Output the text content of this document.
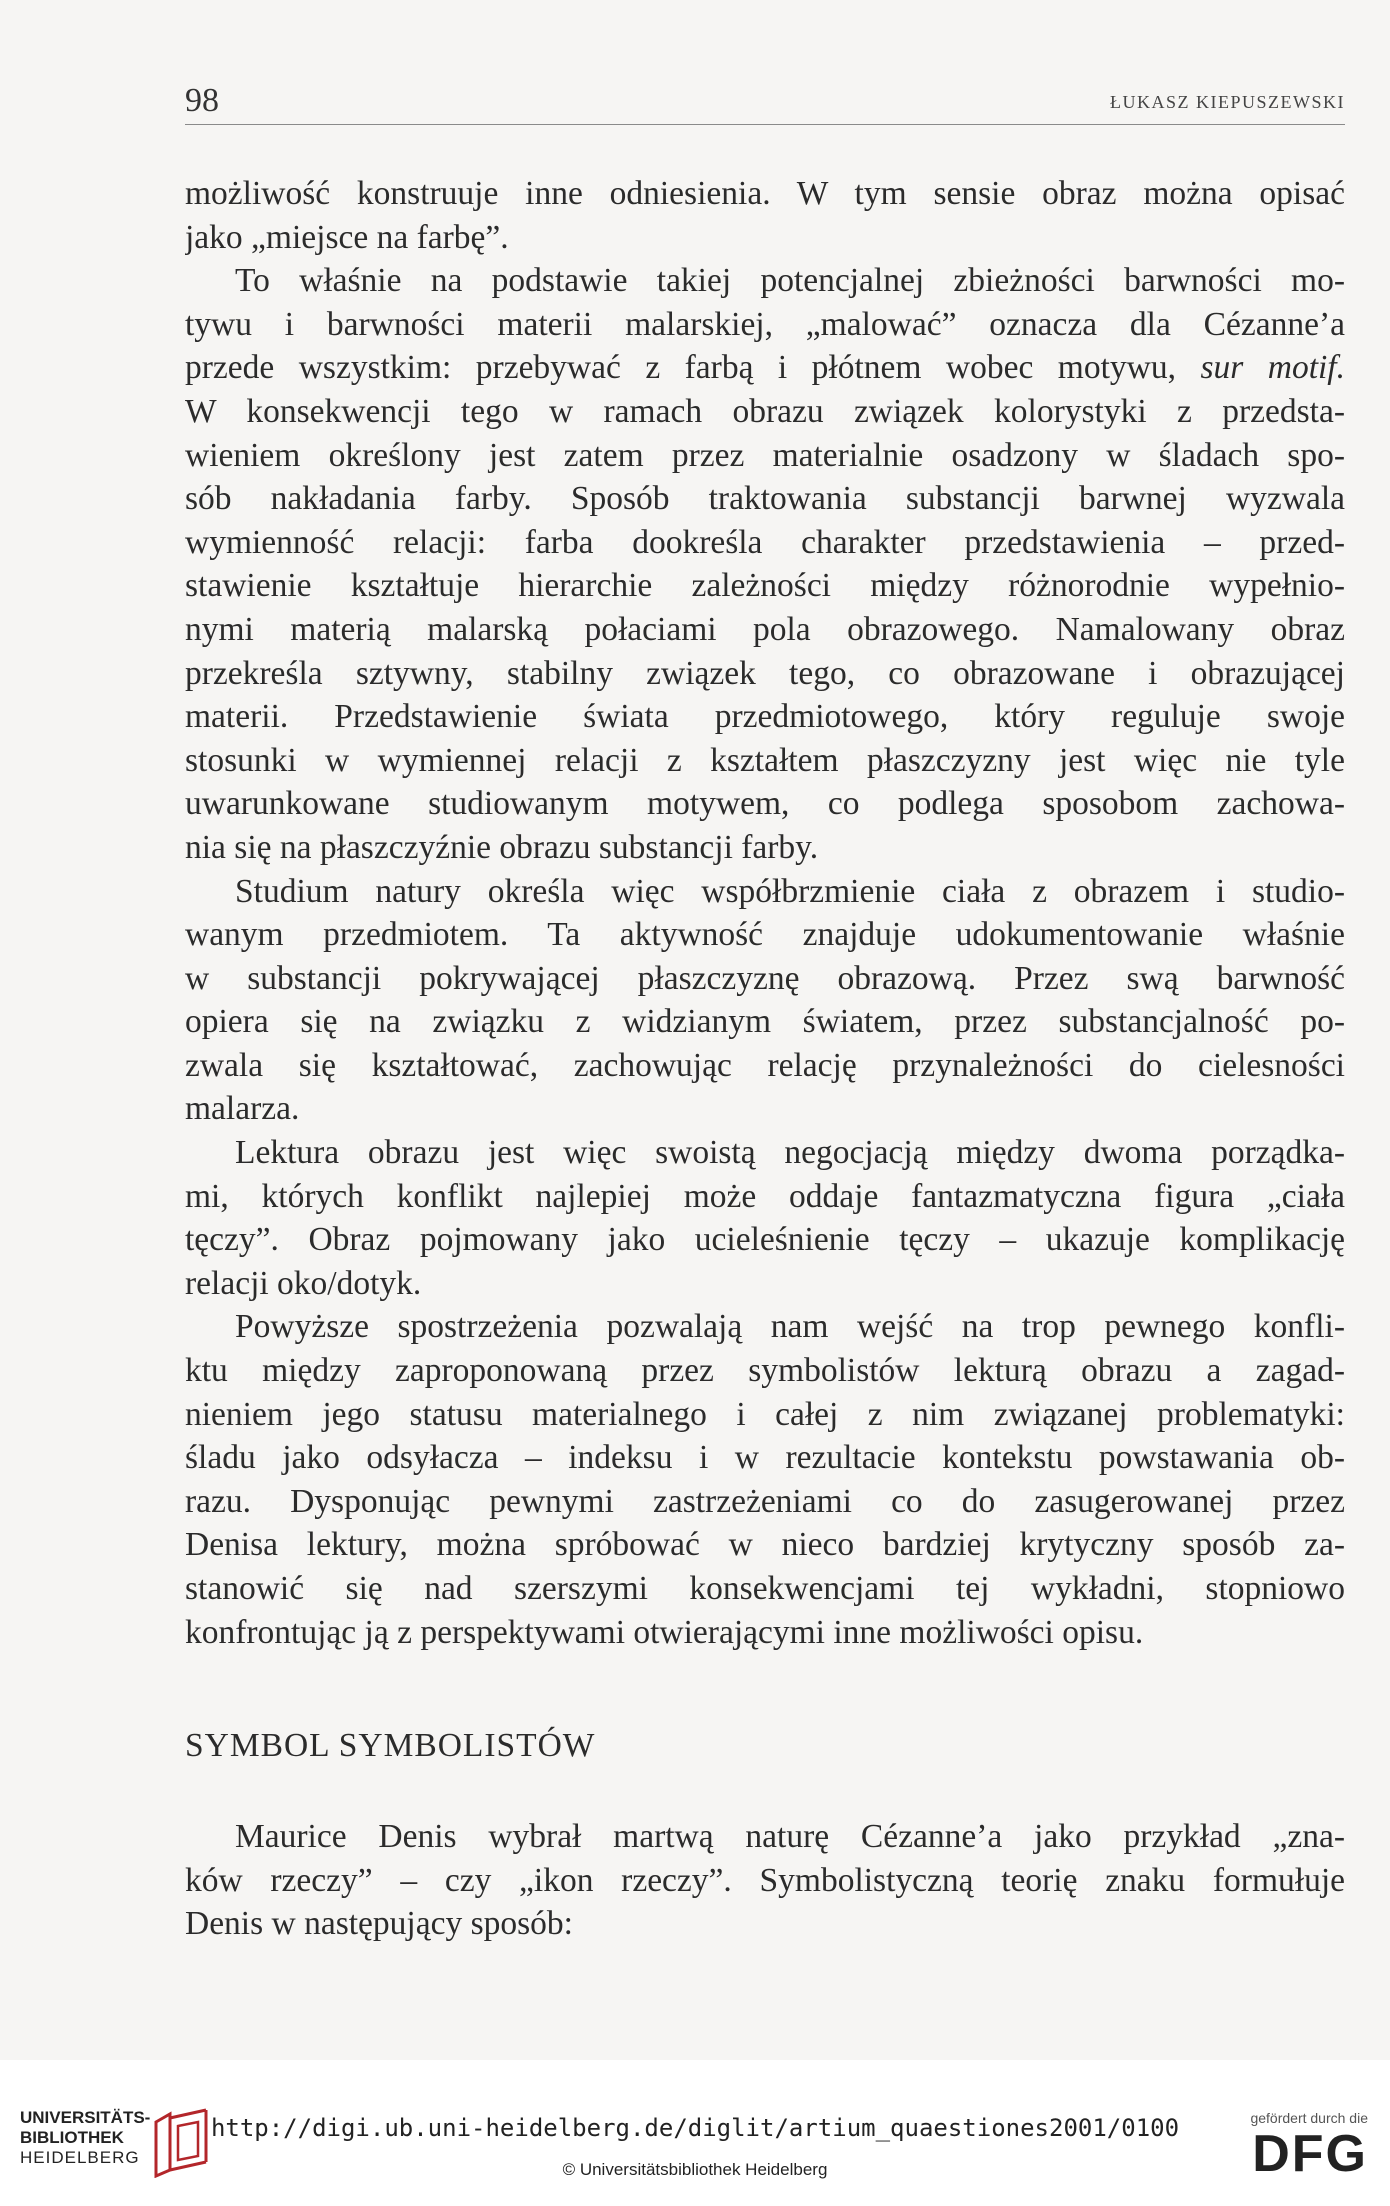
98	ŁUKASZ KIEPUSZEWSKI
możliwość konstruuje inne odniesienia. W tym sensie obraz można opisać
jako „miejsce na farbę”.
To właśnie na podstawie takiej potencjalnej zbieżności barwności mo-
tywu i barwności materii malarskiej, „malować” oznacza dla Cézanne’a
przede wszystkim: przebywać z farbą i płótnem wobec motywu, sur motif.
W konsekwencji tego w ramach obrazu związek kolorystyki z przedsta-
wieniem określony jest zatem przez materialnie osadzony w śladach spo-
sób nakładania farby. Sposób traktowania substancji barwnej wyzwala
wymienność relacji: farba dookreśla charakter przedstawienia – przed-
stawienie kształtuje hierarchie zależności między różnorodnie wypełnio-
nymi materią malarską połaciami pola obrazowego. Namalowany obraz
przekreśla sztywny, stabilny związek tego, co obrazowane i obrazującej
materii. Przedstawienie świata przedmiotowego, który reguluje swoje
stosunki w wymiennej relacji z kształtem płaszczyzny jest więc nie tyle
uwarunkowane studiowanym motywem, co podlega sposobom zachowa-
nia się na płaszczyźnie obrazu substancji farby.
Studium natury określa więc współbrzmienie ciała z obrazem i studio-
wanym przedmiotem. Ta aktywność znajduje udokumentowanie właśnie
w substancji pokrywającej płaszczyznę obrazową. Przez swą barwność
opiera się na związku z widzianym światem, przez substancjalność po-
zwala się kształtować, zachowując relację przynależności do cielesności
malarza.
Lektura obrazu jest więc swoistą negocjacją między dwoma porządka-
mi, których konflikt najlepiej może oddaje fantazmatyczna figura „ciała
tęczy”. Obraz pojmowany jako ucieleśnienie tęczy – ukazuje komplikację
relacji oko/dotyk.
Powyższe spostrzeżenia pozwalają nam wejść na trop pewnego konfli-
ktu między zaproponowaną przez symbolistów lekturą obrazu a zagad-
nieniem jego statusu materialnego i całej z nim związanej problematyki:
śladu jako odsyłacza – indeksu i w rezultacie kontekstu powstawania ob-
razu. Dysponując pewnymi zastrzeżeniami co do zasugerowanej przez
Denisa lektury, można spróbować w nieco bardziej krytyczny sposób za-
stanowić się nad szerszymi konsekwencjami tej wykładni, stopniowo
konfrontując ją z perspektywami otwierającymi inne możliwości opisu.
SYMBOL SYMBOLISTÓW
Maurice Denis wybrał martwą naturę Cézanne’a jako przykład „zna-
ków rzeczy” – czy „ikon rzeczy”. Symbolistyczną teorię znaku formułuje
Denis w następujący sposób:
UNIVERSITÄTS-
BIBLIOTHEK
HEIDELBERG
http://digi.ub.uni-heidelberg.de/diglit/artium_quaestiones2001/0100
© Universitätsbibliothek Heidelberg
gefördert durch die
DFG
